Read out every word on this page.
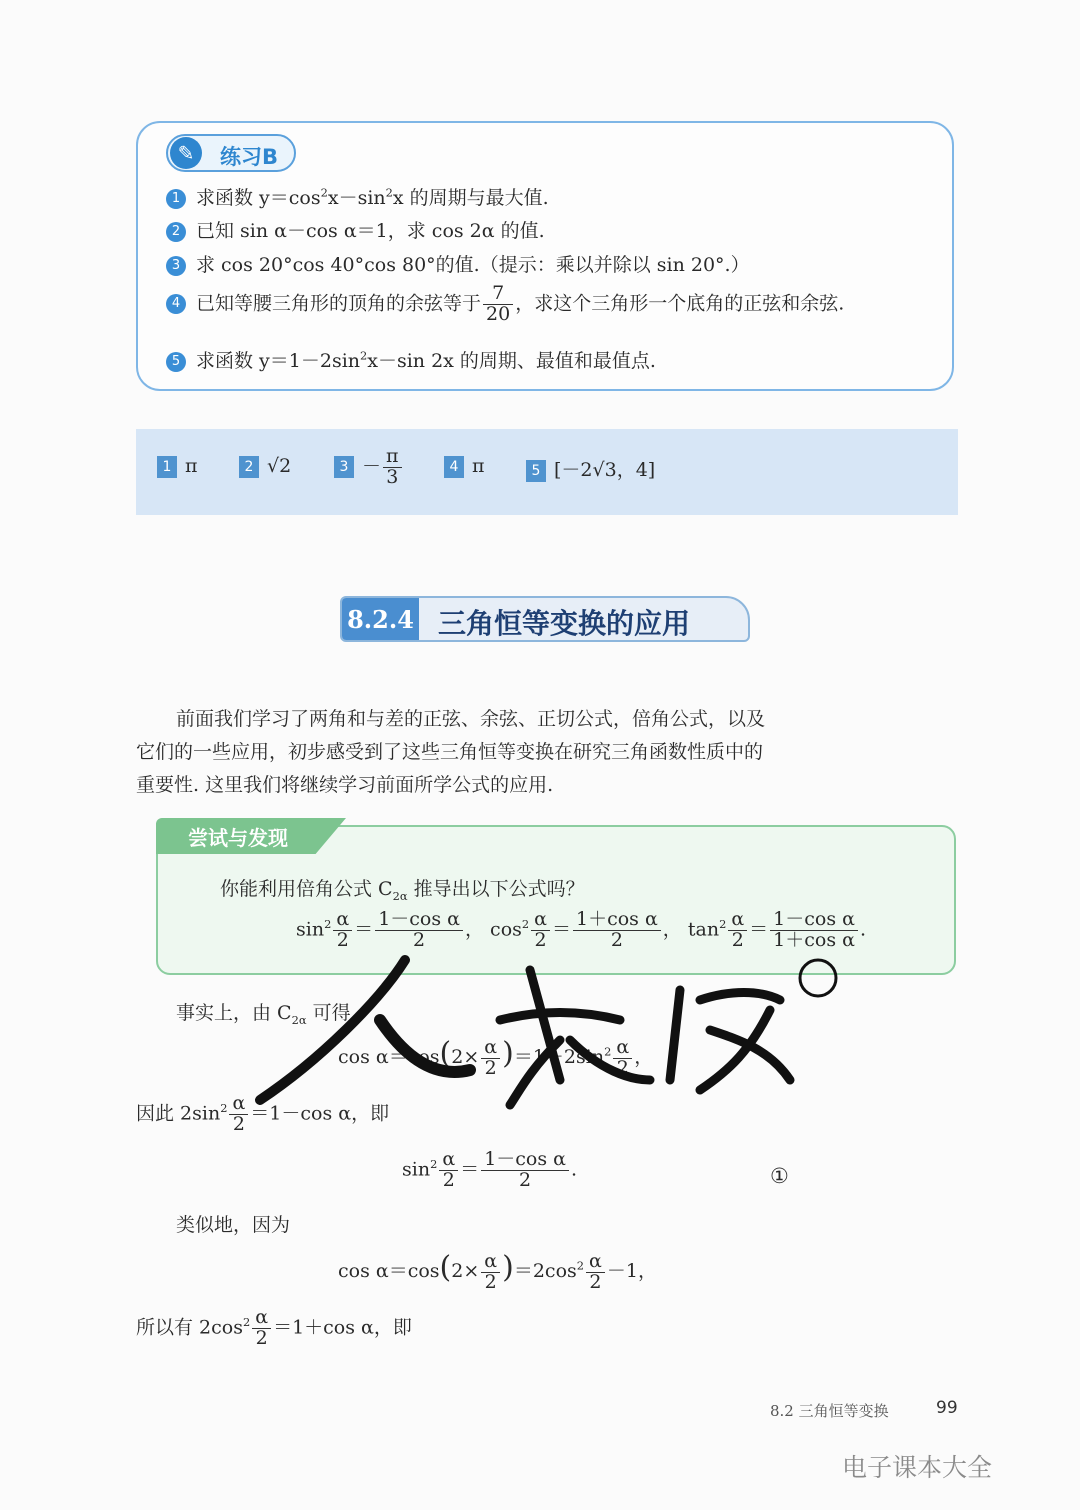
✎	练习B
1 求函数 $y=\cos^2x-\sin^2x$ 的周期与最大值.
2 已知 sin α－cos α＝1，求 cos 2α 的值.
3 求 cos 20°cos 40°cos 80°的值.（提示：乘以并除以 sin 20°.）
4 已知等腰三角形的顶角的余弦等于 $\frac{7}{20}$ ，求这个三角形一个底角的正弦和余弦.
5 求函数 $y=1-2\sin^2x-\sin$ 2x 的周期、最值和最值点.
1 π	2 √2	$3 - \frac{\pi}{3}$	4 π	5 [－2√3，4]
8.2.4 三角恒等变换的应用
前面我们学习了两角和与差的正弦、余弦、正切公式，倍角公式，以及
它们的一些应用，初步感受到了这些三角恒等变换在研究三角函数性质中的
重要性. 这里我们将继续学习前面所学公式的应用.
尝试与发现
你能利用倍角公式 $C_{2\alpha}$ 推导出以下公式吗？
$\sin^2 \frac{\alpha}{2} = \frac{\text{1－cos α}}{2}$ ， $\cos^2 \frac{\alpha}{2} = \frac{\text{1＋cos α}}{2}$ ， $\tan^2 \frac{\alpha}{2} = \frac{\text{1－cos α}}{\text{1＋cos α}}$ .
事实上，由 $C_{2\alpha}$ 可得
$\cos \alpha=\cos(2\times \frac{\alpha}{2} )=1-2\sin^2 \frac{\alpha}{2}$ ，
因此 $2\sin^2 \frac{\alpha}{2} =1-\cos$ α，即
$\sin^2 \frac{\alpha}{2} = \frac{\text{1－cos α}}{2}$ .	①
类似地，因为
$\cos \alpha=\cos(2\times \frac{\alpha}{2} )=2\cos^2 \frac{\alpha}{2} -1$，
所以有 $2\cos^2 \frac{\alpha}{2} =1+\cos$ α，即
8.2 三角恒等变换	99
电子课本大全
